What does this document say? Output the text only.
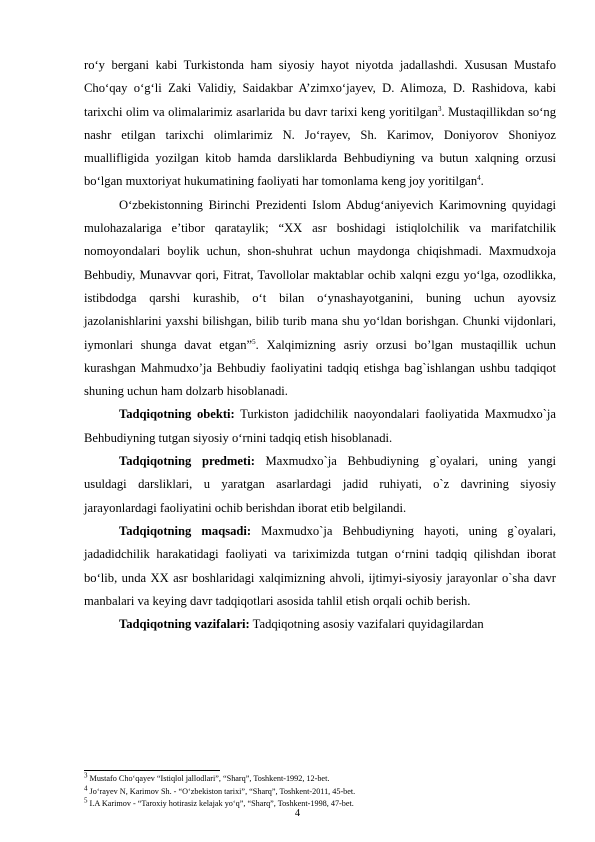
ro‘y bergani kabi Turkistonda ham siyosiy hayot niyotda jadallashdi. Xususan Mustafo Cho‘qay o‘g‘li Zaki Validiy, Saidakbar A’zimxo‘jayev, D. Alimoza, D. Rashidova, kabi tarixchi olim va olimalarimiz asarlarida bu davr tarixi keng yoritilgan$^3$. Mustaqillikdan so‘ng nashr etilgan tarixchi olimlarimiz N. Jo‘rayev, Sh. Karimov, Doniyorov Shoniyoz muallifligida yozilgan kitob hamda darsliklarda Behbudiyning va butun xalqning orzusi bo‘lgan muxtoriyat hukumatining faoliyati har tomonlama keng joy yoritilgan$^4$.

O‘zbekistonning Birinchi Prezidenti Islom Abdug‘aniyevich Karimovning quyidagi mulohazalariga e’tibor qarataylik; “XX asr boshidagi istiqlolchilik va marifatchilik nomoyondalari boylik uchun, shon-shuhrat uchun maydonga chiqishmadi. Maxmudxoja Behbudiy, Munavvar qori, Fitrat, Tavollolar maktablar ochib xalqni ezgu yo‘lga, ozodlikka, istibdodga qarshi kurashib, o‘t bilan o‘ynashayotganini, buning uchun ayovsiz jazolanishlarini yaxshi bilishgan, bilib turib mana shu yo‘ldan borishgan. Chunki vijdonlari, iymonlari shunga davat etgan”$^5$. Xalqimizning asriy orzusi bo’lgan mustaqillik uchun kurashgan Mahmudxo’ja Behbudiy faoliyatini tadqiq etishga bag`ishlangan ushbu tadqiqot shuning uchun ham dolzarb hisoblanadi.

Tadqiqotning obekti: Turkiston jadidchilik naoyondalari faoliyatida Maxmudxo`ja Behbudiyning tutgan siyosiy o‘rnini tadqiq etish hisoblanadi.

Tadqiqotning predmeti: Maxmudxo`ja Behbudiyning g`oyalari, uning yangi usuldagi darsliklari, u yaratgan asarlardagi jadid ruhiyati, o`z davrining siyosiy jarayonlardagi faoliyatini ochib berishdan iborat etib belgilandi.

Tadqiqotning maqsadi: Maxmudxo`ja Behbudiyning hayoti, uning g`oyalari, jadadidchilik harakatidagi faoliyati va tariximizda tutgan o‘rnini tadqiq qilishdan iborat bo‘lib, unda XX asr boshlaridagi xalqimizning ahvoli, ijtimyi-siyosiy jarayonlar o`sha davr manbalari va keying davr tadqiqotlari asosida tahlil etish orqali ochib berish.

Tadqiqotning vazifalari: Tadqiqotning asosiy vazifalari quyidagilardan

$^3$ Mustafo Cho‘qayev “Istiqlol jallodlari”, “Sharq”, Toshkent-1992, 12-bet.
$^4$ Jo‘rayev N, Karimov Sh. - “O‘zbekiston tarixi”, “Sharq”, Toshkent-2011, 45-bet.
$^5$ I.A Karimov - “Taroxiy hotirasiz kelajak yo‘q”, “Sharq”, Toshkent-1998, 47-bet.
4
